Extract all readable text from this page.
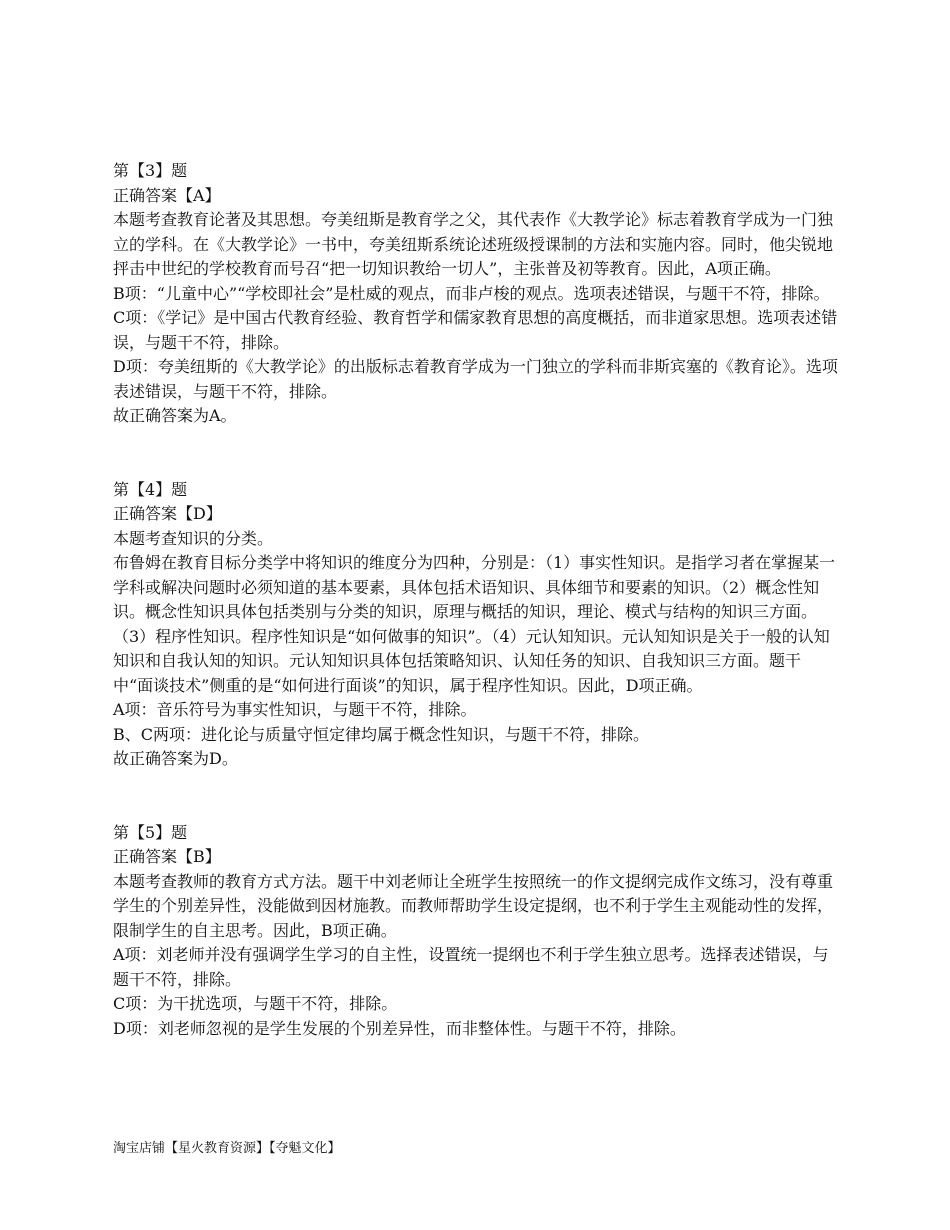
第【3】题

正确答案【A】

本题考查教育论著及其思想。夸美纽斯是教育学之父，其代表作《大教学论》标志着教育学成为一门独立的学科。在《大教学论》一书中，夸美纽斯系统论述班级授课制的方法和实施内容。同时，他尖锐地抨击中世纪的学校教育而号召“把一切知识教给一切人”，主张普及初等教育。因此，A项正确。

B项：“儿童中心”“学校即社会”是杜威的观点，而非卢梭的观点。选项表述错误，与题干不符，排除。

C项：《学记》是中国古代教育经验、教育哲学和儒家教育思想的高度概括，而非道家思想。选项表述错误，与题干不符，排除。

D项：夸美纽斯的《大教学论》的出版标志着教育学成为一门独立的学科而非斯宾塞的《教育论》。选项表述错误，与题干不符，排除。

故正确答案为A。

第【4】题

正确答案【D】

本题考查知识的分类。

布鲁姆在教育目标分类学中将知识的维度分为四种，分别是：（1）事实性知识。是指学习者在掌握某一学科或解决问题时必须知道的基本要素，具体包括术语知识、具体细节和要素的知识。（2）概念性知识。概念性知识具体包括类别与分类的知识，原理与概括的知识，理论、模式与结构的知识三方面。（3）程序性知识。程序性知识是“如何做事的知识”。（4）元认知知识。元认知知识是关于一般的认知知识和自我认知的知识。元认知知识具体包括策略知识、认知任务的知识、自我知识三方面。题干中“面谈技术”侧重的是“如何进行面谈”的知识，属于程序性知识。因此，D项正确。

A项：音乐符号为事实性知识，与题干不符，排除。

B、C两项：进化论与质量守恒定律均属于概念性知识，与题干不符，排除。

故正确答案为D。

第【5】题

正确答案【B】

本题考查教师的教育方式方法。题干中刘老师让全班学生按照统一的作文提纲完成作文练习，没有尊重学生的个别差异性，没能做到因材施教。而教师帮助学生设定提纲，也不利于学生主观能动性的发挥，限制学生的自主思考。因此，B项正确。

A项：刘老师并没有强调学生学习的自主性，设置统一提纲也不利于学生独立思考。选择表述错误，与题干不符，排除。

C项：为干扰选项，与题干不符，排除。

D项：刘老师忽视的是学生发展的个别差异性，而非整体性。与题干不符，排除。

淘宝店铺【星火教育资源】【夺魁文化】
